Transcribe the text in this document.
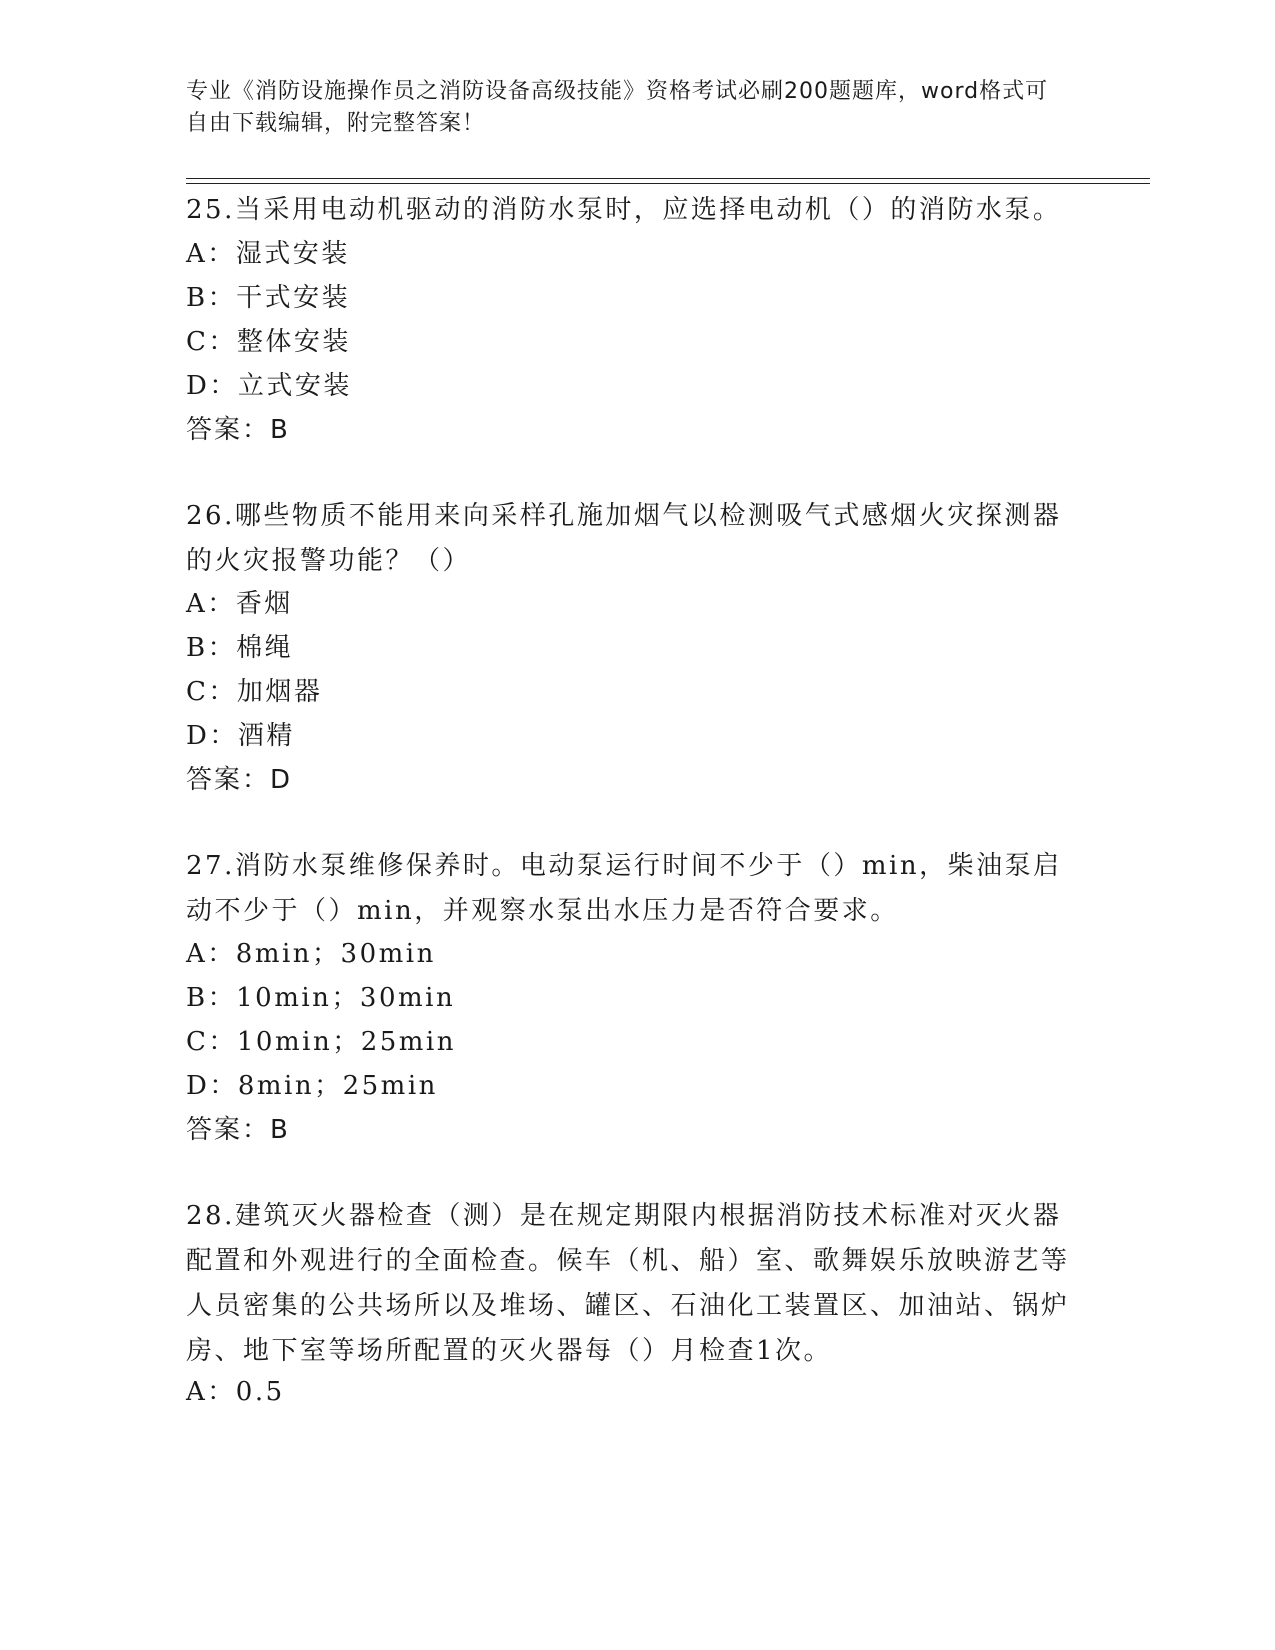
专业《消防设施操作员之消防设备高级技能》资格考试必刷200题题库，word格式可自由下载编辑，附完整答案！
25.当采用电动机驱动的消防水泵时，应选择电动机（）的消防水泵。
A：湿式安装
B：干式安装
C：整体安装
D：立式安装
答案：B
26.哪些物质不能用来向采样孔施加烟气以检测吸气式感烟火灾探测器的火灾报警功能？（）
A：香烟
B：棉绳
C：加烟器
D：酒精
答案：D
27.消防水泵维修保养时。电动泵运行时间不少于（）min，柴油泵启动不少于（）min，并观察水泵出水压力是否符合要求。
A：8min；30min
B：10min；30min
C：10min；25min
D：8min；25min
答案：B
28.建筑灭火器检查（测）是在规定期限内根据消防技术标准对灭火器配置和外观进行的全面检查。候车（机、船）室、歌舞娱乐放映游艺等人员密集的公共场所以及堆场、罐区、石油化工装置区、加油站、锅炉房、地下室等场所配置的灭火器每（）月检查1次。
A：0.5
